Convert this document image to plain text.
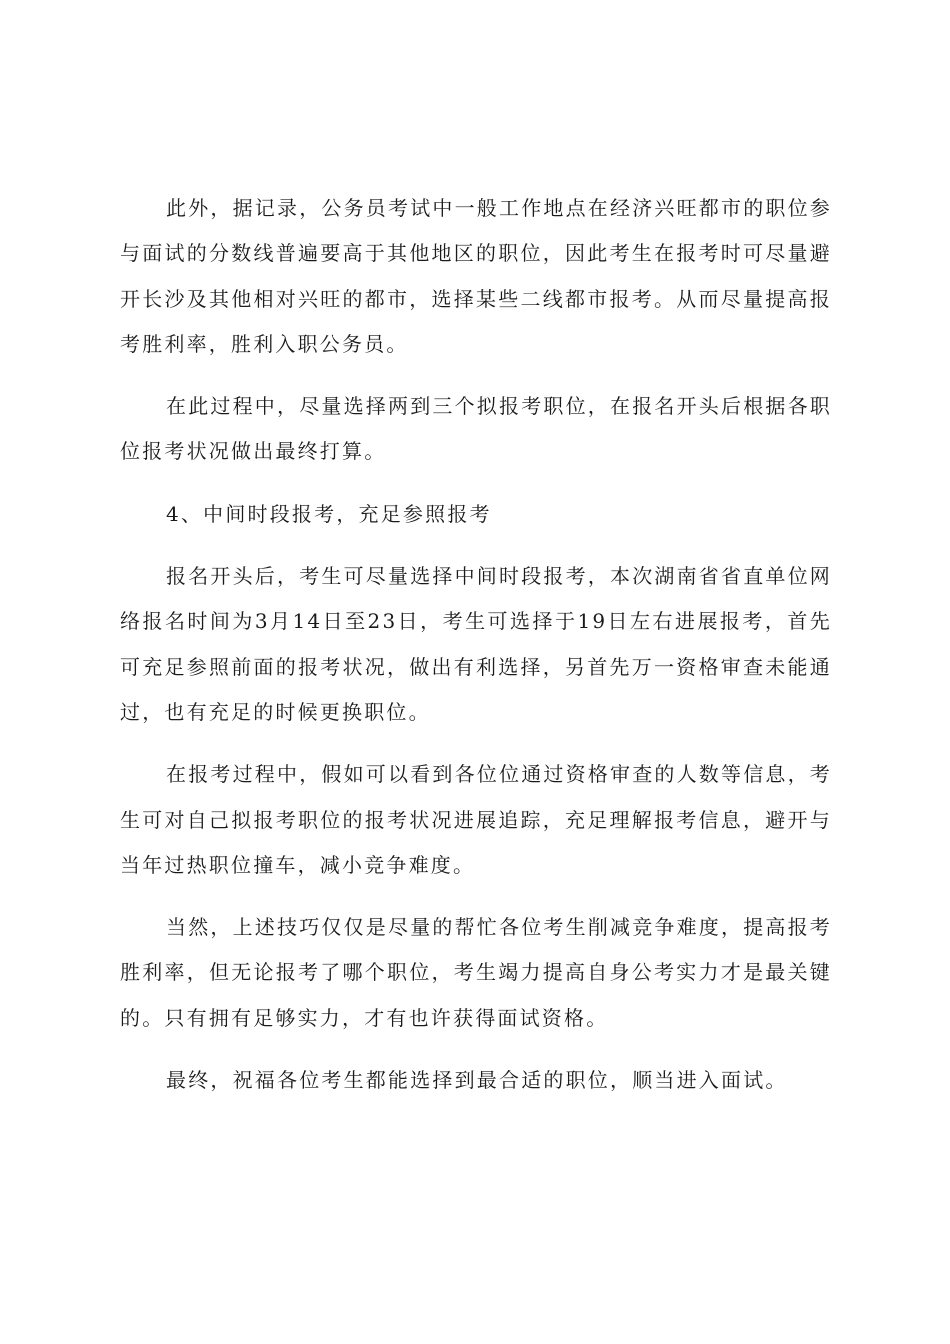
此外，据记录，公务员考试中一般工作地点在经济兴旺都市的职位参与面试的分数线普遍要高于其他地区的职位，因此考生在报考时可尽量避开长沙及其他相对兴旺的都市，选择某些二线都市报考。从而尽量提高报考胜利率，胜利入职公务员。

在此过程中，尽量选择两到三个拟报考职位，在报名开头后根据各职位报考状况做出最终打算。

4、中间时段报考，充足参照报考

报名开头后，考生可尽量选择中间时段报考，本次湖南省省直单位网络报名时间为3月14日至23日，考生可选择于19日左右进展报考，首先可充足参照前面的报考状况，做出有利选择，另首先万一资格审查未能通过，也有充足的时候更换职位。

在报考过程中，假如可以看到各位位通过资格审查的人数等信息，考生可对自己拟报考职位的报考状况进展追踪，充足理解报考信息，避开与当年过热职位撞车，减小竞争难度。

当然，上述技巧仅仅是尽量的帮忙各位考生削减竞争难度，提高报考胜利率，但无论报考了哪个职位，考生竭力提高自身公考实力才是最关键的。只有拥有足够实力，才有也许获得面试资格。

最终，祝福各位考生都能选择到最合适的职位，顺当进入面试。
